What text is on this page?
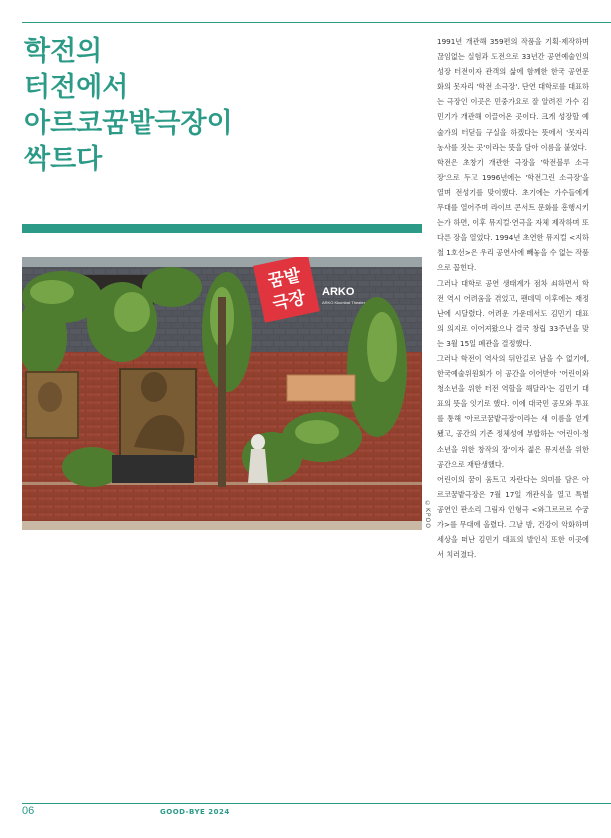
학전의
터전에서
아르코꿈밭극장이
싹트다
꿈밭
극장 ARKO
ARKO Kkumbat Theater
©KPOO

1991년 개관해 359편의 작품을 기획·제작하며 끊임없는 실험과 도전으로 33년간 공연예술인의 성장 터전이자 관객의 삶에 함께한 한국 공연문화의 못자리 '학전 소극장'. 단연 대학로를 대표하는 극장인 이곳은 민중가요로 잘 알려진 가수 김민기가 개관해 이끌어온 곳이다. 크게 성장할 예술가의 터딛들 구실을 하겠다는 뜻에서 '못자리 농사를 짓는 곳'이라는 뜻을 담아 이름을 붙였다.

학전은 초창기 개관한 극장을 '학전블루 소극장'으로 두고 1996년에는 '학전그린 소극장'을 열며 전성기를 맞이했다. 초기에는 가수들에게 무대를 열어주며 라이브 콘서트 문화를 흥행시키는가 하면, 이후 뮤지컬·연극을 자체 제작하며 또 다른 장을 열었다. 1994년 초연한 뮤지컬 <지하철 1호선>은 우리 공연사에 빼놓을 수 없는 작품으로 꼽힌다.

그러나 대학로 공연 생태계가 점차 쇠하면서 학전 역시 어려움을 겪었고, 팬데믹 이후에는 재정난에 시달렸다. 어려운 가운데서도 김민기 대표의 의지로 이어져왔으나 결국 창립 33주년을 맞는 3월 15일 폐관을 결정했다.

그러나 학전이 역사의 뒤안길로 남을 수 없기에, 한국예술위원회가 이 공간을 이어받아 '어린이와 청소년을 위한 터전 역할을 해달라'는 김민기 대표의 뜻을 잇기로 했다. 이에 대국민 공모와 투표를 통해 '아르코꿈밭극장'이라는 새 이름을 얻게 됐고, 공간의 기존 정체성에 부합하는 '어린이·청소년을 위한 창작의 장'이자 젊은 뮤지션을 위한 공간으로 재탄생했다.

어린이의 꿈이 움트고 자란다는 의미를 담은 아르코꿈밭극장은 7월 17일 개관식을 열고 특별 공연인 판소리 그림자 인형극 <와그르르르 수궁가>를 무대에 올렸다. 그날 밤, 건강이 악화하며 세상을 떠난 김민기 대표의 발인식 또한 이곳에서 치러졌다.

06	GOOD-BYE 2024
